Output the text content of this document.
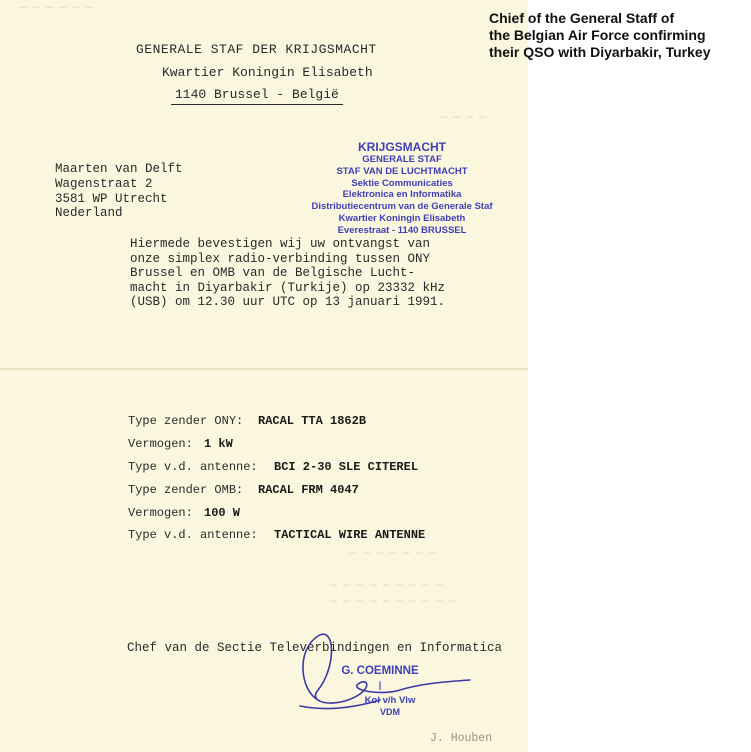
— — — — — —
— — — —
— — — — — — —
— — — — — — — — —
— — — — — — — — — —
GENERALE STAF DER KRIJGSMACHT
Kwartier Koningin Elisabeth
1140 Brussel - België
Maarten van Delft
Wagenstraat 2
3581 WP Utrecht
Nederland
KRIJGSMACHT
GENERALE STAF
STAF VAN DE LUCHTMACHT
Sektie Communicaties
Elektronica en Informatika
Distributiecentrum van de Generale Staf
Kwartier Koningin Elisabeth
Everestraat - 1140 BRUSSEL
Hiermede bevestigen wij uw ontvangst van
onze simplex radio-verbinding tussen ONY
Brussel en OMB van de Belgische Lucht-
macht in Diyarbakir (Turkije) op 23332 kHz
(USB) om 12.30 uur UTC op 13 januari 1991.
Type zender ONY: RACAL TTA 1862B
Vermogen: 1 kW
Type v.d. antenne: BCI 2-30 SLE CITEREL
Type zender OMB: RACAL FRM 4047
Vermogen: 100 W
Type v.d. antenne: TACTICAL WIRE ANTENNE
Chef van de Sectie Televerbindingen en Informatica
G. COEMINNE
|
Kol v/h Vlw
VDM
J. Houben
Chief of the General Staff of
the Belgian Air Force confirming
their QSO with Diyarbakir, Turkey
